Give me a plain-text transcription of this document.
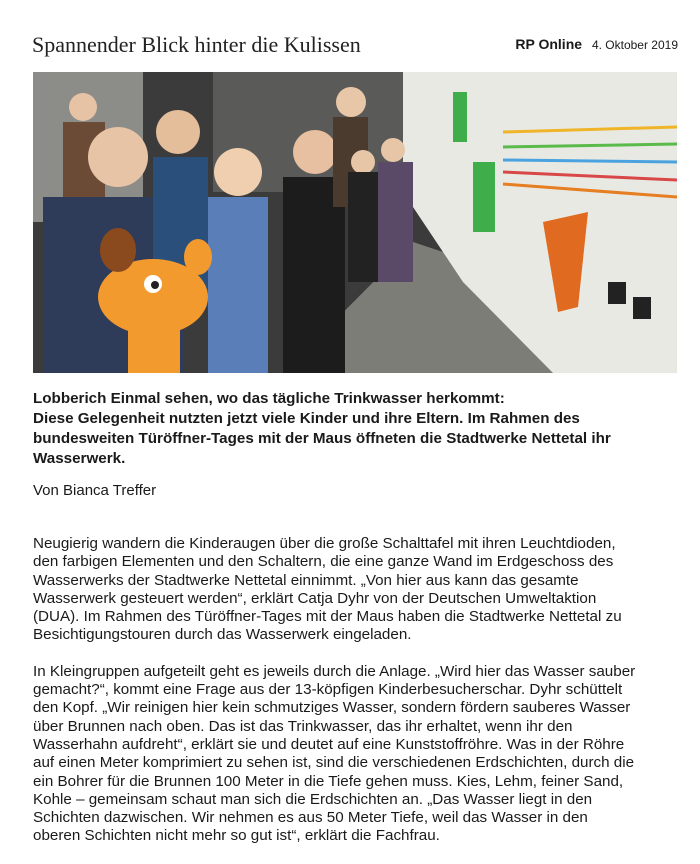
Spannender Blick hinter die Kulissen	RP Online 4. Oktober 2019
Lobberich Einmal sehen, wo das tägliche Trinkwasser herkommt:
Diese Gelegenheit nutzten jetzt viele Kinder und ihre Eltern. Im Rahmen des
bundesweiten Türöffner-Tages mit der Maus öffneten die Stadtwerke Nettetal ihr
Wasserwerk.
Von Bianca Treffer

Neugierig wandern die Kinderaugen über die große Schalttafel mit ihren Leuchtdioden,
den farbigen Elementen und den Schaltern, die eine ganze Wand im Erdgeschoss des
Wasserwerks der Stadtwerke Nettetal einnimmt. „Von hier aus kann das gesamte
Wasserwerk gesteuert werden“, erklärt Catja Dyhr von der Deutschen Umweltaktion
(DUA). Im Rahmen des Türöffner-Tages mit der Maus haben die Stadtwerke Nettetal zu
Besichtigungstouren durch das Wasserwerk eingeladen.

In Kleingruppen aufgeteilt geht es jeweils durch die Anlage. „Wird hier das Wasser sauber
gemacht?“, kommt eine Frage aus der 13-köpfigen Kinderbesucherschar. Dyhr schüttelt
den Kopf. „Wir reinigen hier kein schmutziges Wasser, sondern fördern sauberes Wasser
über Brunnen nach oben. Das ist das Trinkwasser, das ihr erhaltet, wenn ihr den
Wasserhahn aufdreht“, erklärt sie und deutet auf eine Kunststoffröhre. Was in der Röhre
auf einen Meter komprimiert zu sehen ist, sind die verschiedenen Erdschichten, durch die
ein Bohrer für die Brunnen 100 Meter in die Tiefe gehen muss. Kies, Lehm, feiner Sand,
Kohle – gemeinsam schaut man sich die Erdschichten an. „Das Wasser liegt in den
Schichten dazwischen. Wir nehmen es aus 50 Meter Tiefe, weil das Wasser in den
oberen Schichten nicht mehr so gut ist“, erklärt die Fachfrau.
